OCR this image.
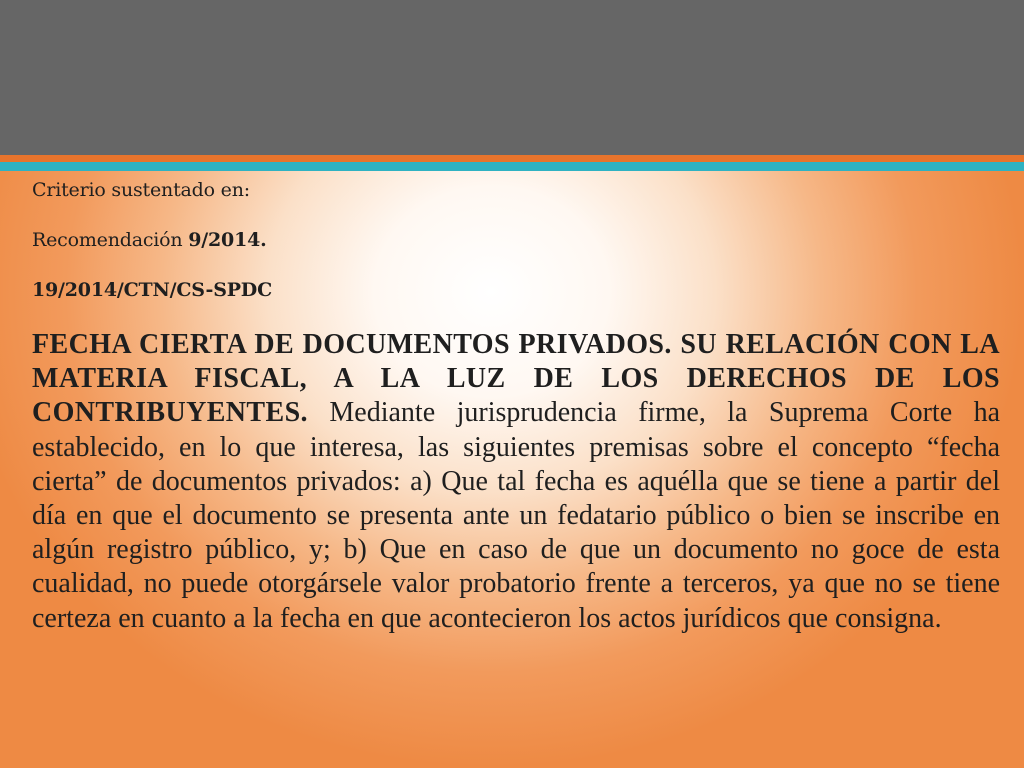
Criterio sustentado en:

Recomendación 9/2014.

19/2014/CTN/CS-SPDC

FECHA CIERTA DE DOCUMENTOS PRIVADOS. SU RELACIÓN CON LA MATERIA FISCAL, A LA LUZ DE LOS DERECHOS DE LOS CONTRIBUYENTES. Mediante jurisprudencia firme, la Suprema Corte ha establecido, en lo que interesa, las siguientes premisas sobre el concepto “fecha cierta” de documentos privados: a) Que tal fecha es aquélla que se tiene a partir del día en que el documento se presenta ante un fedatario público o bien se inscribe en algún registro público, y; b) Que en caso de que un documento no goce de esta cualidad, no puede otorgársele valor probatorio frente a terceros, ya que no se tiene certeza en cuanto a la fecha en que acontecieron los actos jurídicos que consigna.
